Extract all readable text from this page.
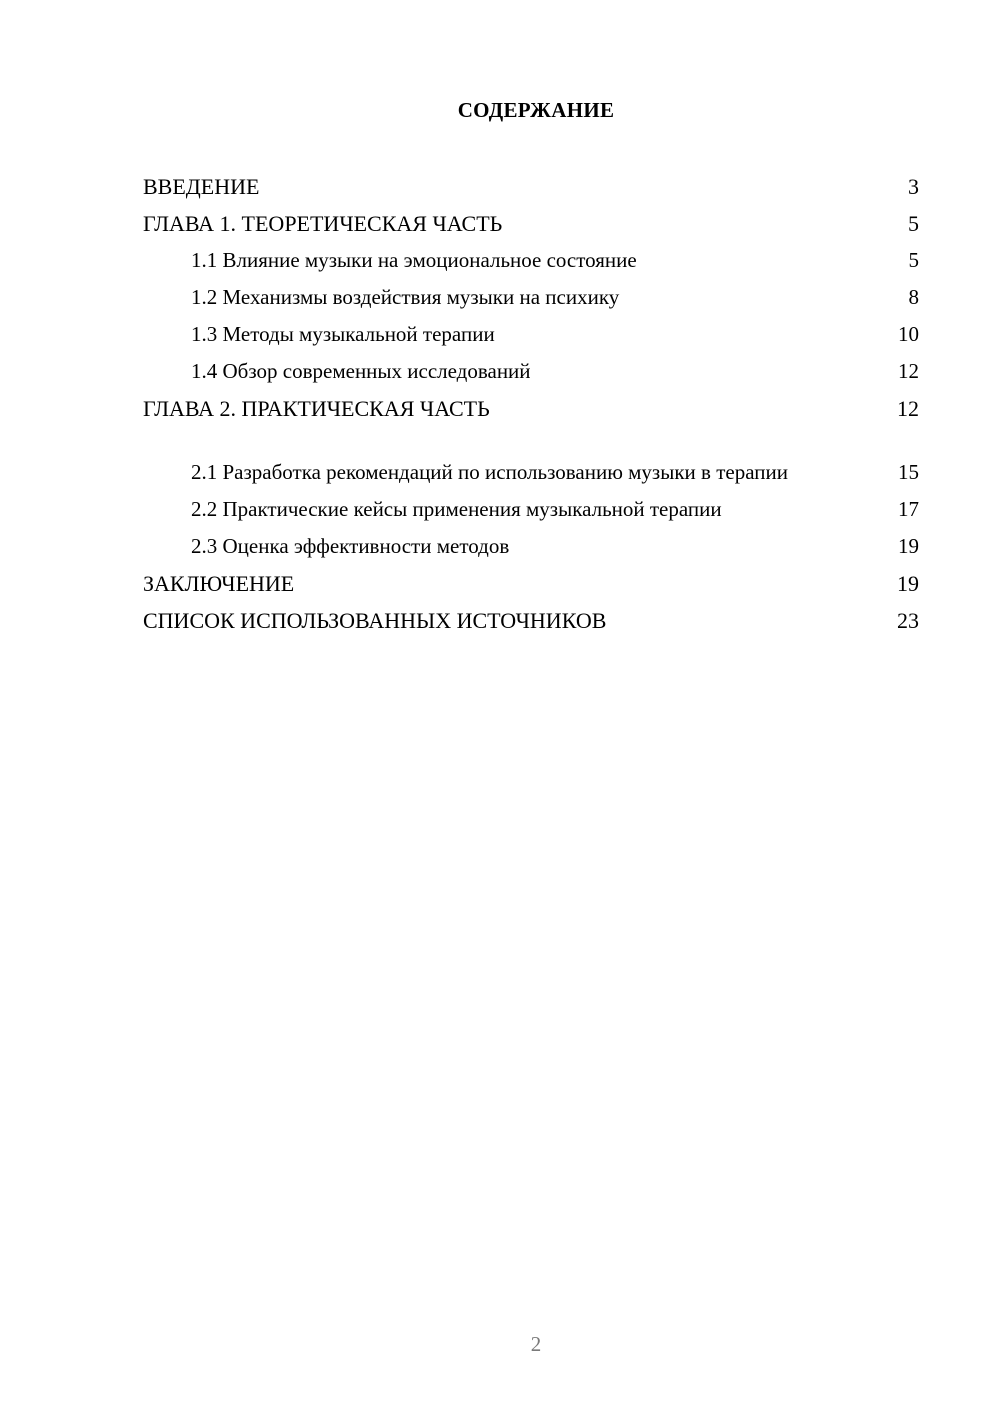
СОДЕРЖАНИЕ
ВВЕДЕНИЕ	3
ГЛАВА 1. ТЕОРЕТИЧЕСКАЯ ЧАСТЬ	5
1.1 Влияние музыки на эмоциональное состояние	5
1.2 Механизмы воздействия музыки на психику	8
1.3 Методы музыкальной терапии	10
1.4 Обзор современных исследований	12
ГЛАВА 2. ПРАКТИЧЕСКАЯ ЧАСТЬ	12
2.1 Разработка рекомендаций по использованию музыки в терапии	15
2.2 Практические кейсы применения музыкальной терапии	17
2.3 Оценка эффективности методов	19
ЗАКЛЮЧЕНИЕ	19
СПИСОК ИСПОЛЬЗОВАННЫХ ИСТОЧНИКОВ	23
2
